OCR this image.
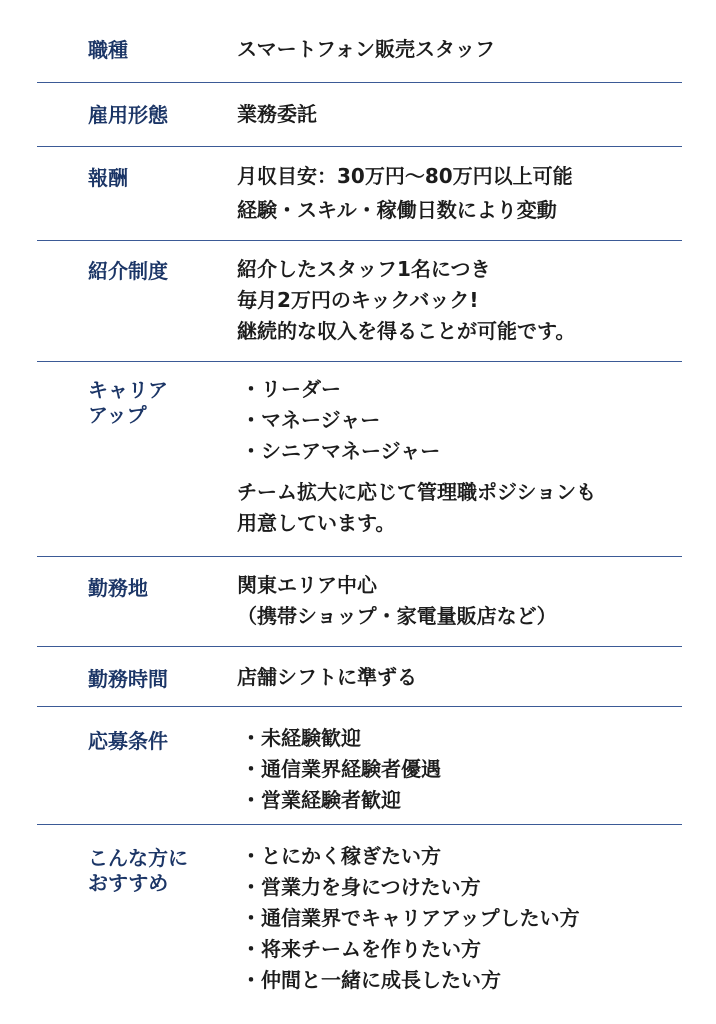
職種	スマートフォン販売スタッフ
雇用形態	業務委託
報酬	月収目安：30万円〜80万円以上可能
経験・スキル・稼働日数により変動
紹介制度	紹介したスタッフ1名につき
毎月2万円のキックバック!
継続的な収入を得ることが可能です。
キャリア
アップ
・ リーダー
・ マネージャー
・ シニアマネージャー
チーム拡大に応じて管理職ポジションも
用意しています。
勤務地	関東エリア中心
（携帯ショップ・家電量販店など）
勤務時間	店舗シフトに準ずる
応募条件
・	未経験歓迎
・ 通信業界経験者優遇
・ 営業経験者歓迎
こんな方に
おすすめ
・ とにかく稼ぎたい方
・ 営業力を身につけたい方
・ 通信業界でキャリアアップしたい方
・ 将来チームを作りたい方
・ 仲間と一緒に成長したい方
